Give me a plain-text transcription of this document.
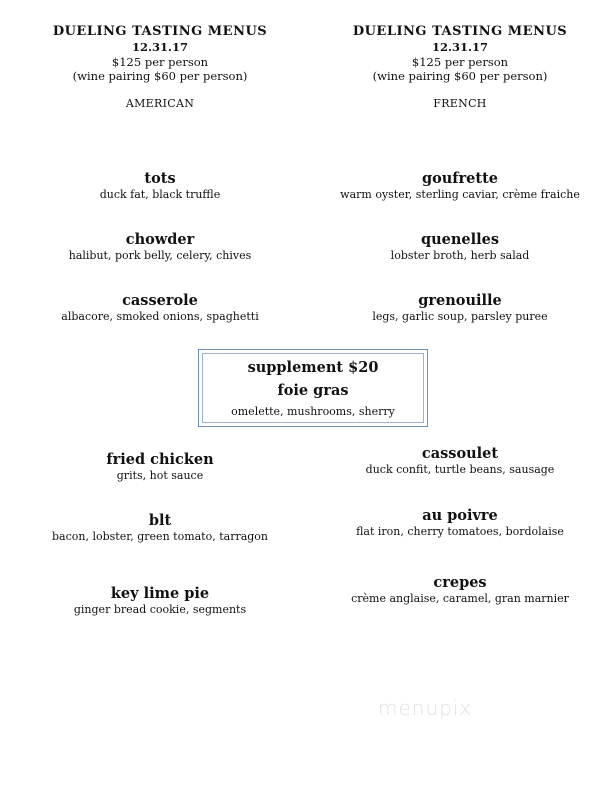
DUELING TASTING MENUS
12.31.17
$125 per person
(wine pairing $60 per person)
AMERICAN
tots
duck fat, black truffle
chowder
halibut, pork belly, celery, chives
casserole
albacore, smoked onions, spaghetti
fried chicken
grits, hot sauce
blt
bacon, lobster, green tomato, tarragon
key lime pie
ginger bread cookie, segments
DUELING TASTING MENUS
12.31.17
$125 per person
(wine pairing $60 per person)
FRENCH
goufrette
warm oyster, sterling caviar, crème fraiche
quenelles
lobster broth, herb salad
grenouille
legs, garlic soup, parsley puree
cassoulet
duck confit, turtle beans, sausage
au poivre
flat iron, cherry tomatoes, bordolaise
crepes
crème anglaise, caramel, gran marnier
supplement $20
foie gras
omelette, mushrooms, sherry
menupix
